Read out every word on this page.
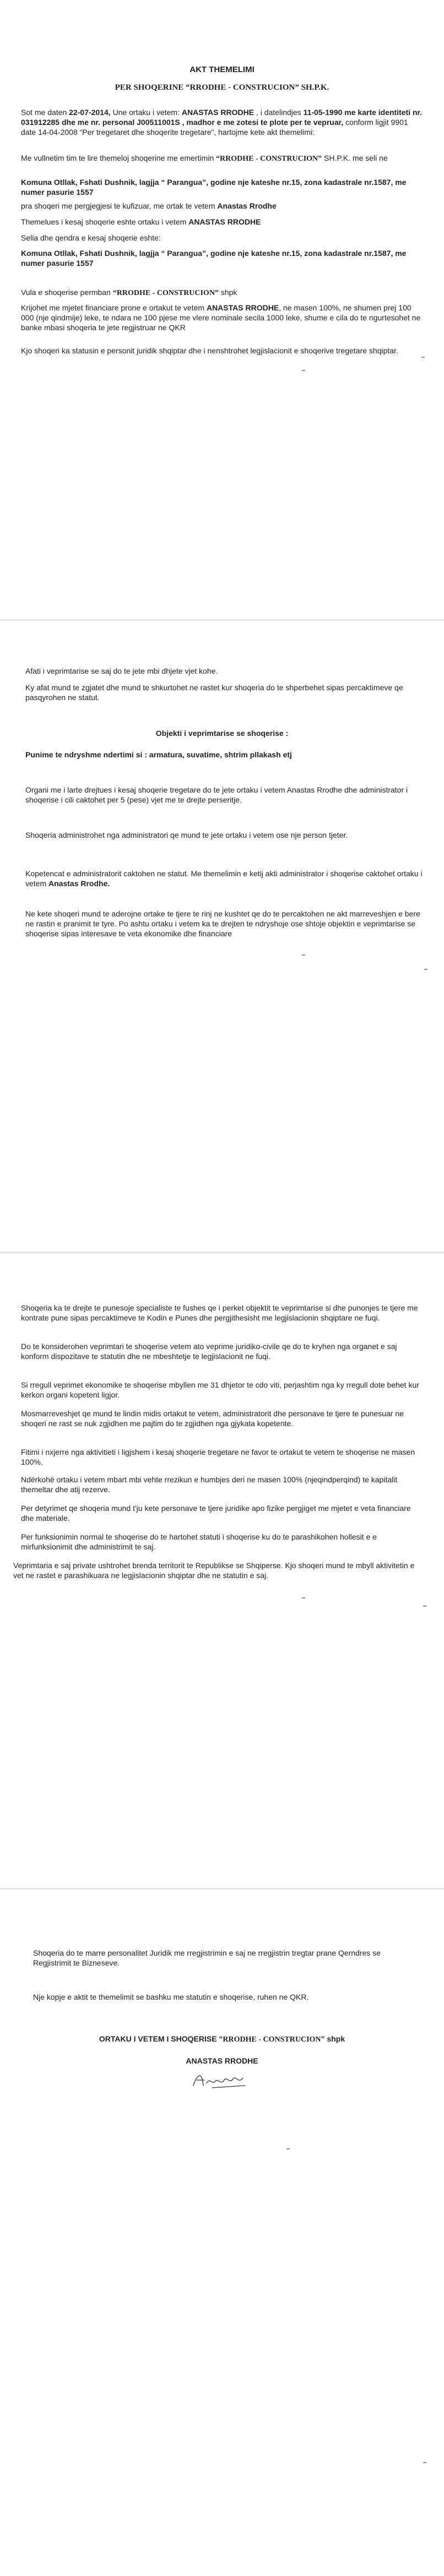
AKT THEMELIMI

PER SHOQERINE “RRODHE - CONSTRUCION” SH.P.K.

Sot me daten 22-07-2014, Une ortaku i vetem: ANASTAS RRODHE , i datelindjes 11-05-1990 me karte identiteti nr. 031912285 dhe me nr. personal J00511001S , madhor e me zotesi te plote per te vepruar, conform ligjit 9901 date 14-04-2008 “Per tregetaret dhe shoqerite tregetare”, hartojme kete akt themelimi:

Me vullnetim tim te lire themeloj shoqerine me emertimin “RRODHE - CONSTRUCION” SH.P.K. me seli ne

Komuna Otllak, Fshati Dushnik, lagjja “ Parangua”, godine nje kateshe nr.15, zona kadastrale nr.1587, me numer pasurie 1557

pra shoqeri me pergjegjesi te kufizuar, me ortak te vetem Anastas Rrodhe

Themelues i kesaj shoqerie eshte ortaku i vetem ANASTAS RRODHE

Selia dhe qendra e kesaj shoqerie eshte:

Komuna Otllak, Fshati Dushnik, lagjja “ Parangua”, godine nje kateshe nr.15, zona kadastrale nr.1587, me numer pasurie 1557

Vula e shoqerise permban “RRODHE - CONSTRUCION” shpk

Krijohet me mjetet financiare prone e ortakut te vetem ANASTAS RRODHE, ne masen 100%, ne shumen prej 100 000 (nje qindmije) leke, te ndara ne 100 pjese me vlere nominale secila 1000 leke, shume e cila do te ngurtesohet ne banke mbasi shoqeria te jete regjistruar ne QKR

Kjo shoqeri ka statusin e personit juridik shqiptar dhe i nenshtrohet legjislacionit e shoqerive tregetare shqiptar.

Afati i veprimtarise se saj do te jete mbi dhjete vjet kohe.

Ky afat mund te zgjatet dhe mund te shkurtohet ne rastet kur shoqeria do te shperbehet sipas percaktimeve qe pasqyrohen ne statut.

Objekti i veprimtarise se shoqerise :

Punime te ndryshme ndertimi si : armatura, suvatime, shtrim pllakash etj

Organi me i larte drejtues i kesaj shoqerie tregetare do te jete ortaku i vetem Anastas Rrodhe dhe administrator i shoqerise i cili caktohet per 5 (pese) vjet me te drejte perseritje.

Shoqeria administrohet nga administratori qe mund te jete ortaku i vetem ose nje person tjeter.

Kopetencat e administratorit caktohen ne statut. Me themelimin e ketij akti administrator i shoqerise caktohet ortaku i vetem Anastas Rrodhe.

Ne kete shoqeri mund te aderojne ortake te tjere te rinj ne kushtet qe do te percaktohen ne akt marreveshjen e bere ne rastin e pranimit te tyre. Po ashtu ortaku i vetem ka te drejten te ndryshoje ose shtoje objektin e veprimtarise se shoqerise sipas interesave te veta ekonomike dhe financiare

Shoqeria ka te drejte te punesoje specialiste te fushes qe i perket objektit te veprimtarise si dhe punonjes te tjere me kontrate pune sipas percaktimeve te Kodin e Punes dhe pergjithesisht me legjislacionin shqiptare ne fuqi.

Do te konsiderohen veprimtari te shoqerise vetem ato veprime juridiko-civile qe do te kryhen nga organet e saj konform dispozitave te statutin dhe ne mbeshtetje te legjislacionit ne fuqi.

Si rregull veprimet ekonomike te shoqerise mbyllen me 31 dhjetor te cdo viti, perjashtim nga ky rregull dote behet kur kerkon organi kopetent ligjor.

Mosmarreveshjet qe mund te lindin midis ortakut te vetem, administratorit dhe personave te tjere te punesuar ne shoqeri ne rast se nuk zgjidhen me pajtim do te zgjidhen nga gjykata kopetente.

Fitimi i nxjerre nga aktivitieti i ligjshem i kesaj shoqerie tregetare ne favor te ortakut te vetem te shoqerise ne masen 100%.

Ndërkohë ortaku i vetem mbart mbi vehte rrezikun e humbjes deri ne masen 100% (njeqindperqind) te kapitalit themeltar dhe atij rezerve.

Per detyrimet qe shoqeria mund t'ju kete personave te tjere juridike apo fizike pergjiget me mjetet e veta financiare dhe materiale.

Per funksionimin normal te shoqerise do te hartohet statuti i shoqerise ku do te parashikohen hollesit e e mirfunksionimit dhe administrimit te saj.

Veprimtaria e saj private ushtrohet brenda territorit te Republikse se Shqiperse. Kjo shoqeri mund te mbyll aktivitetin e vet ne rastet e parashikuara ne legjislacionin shqiptar dhe ne statutin e saj.

Shoqeria do te marre personalitet Juridik me rregjistrimin e saj ne rregjistrin tregtar prane Qerndres se Regjistrimit te Bizneseve.

Nje kopje e aktit te themelimit se bashku me statutin e shoqerise, ruhen ne QKR.

ORTAKU I VETEM I SHOQERISE “RRODHE - CONSTRUCION” shpk

ANASTAS RRODHE
